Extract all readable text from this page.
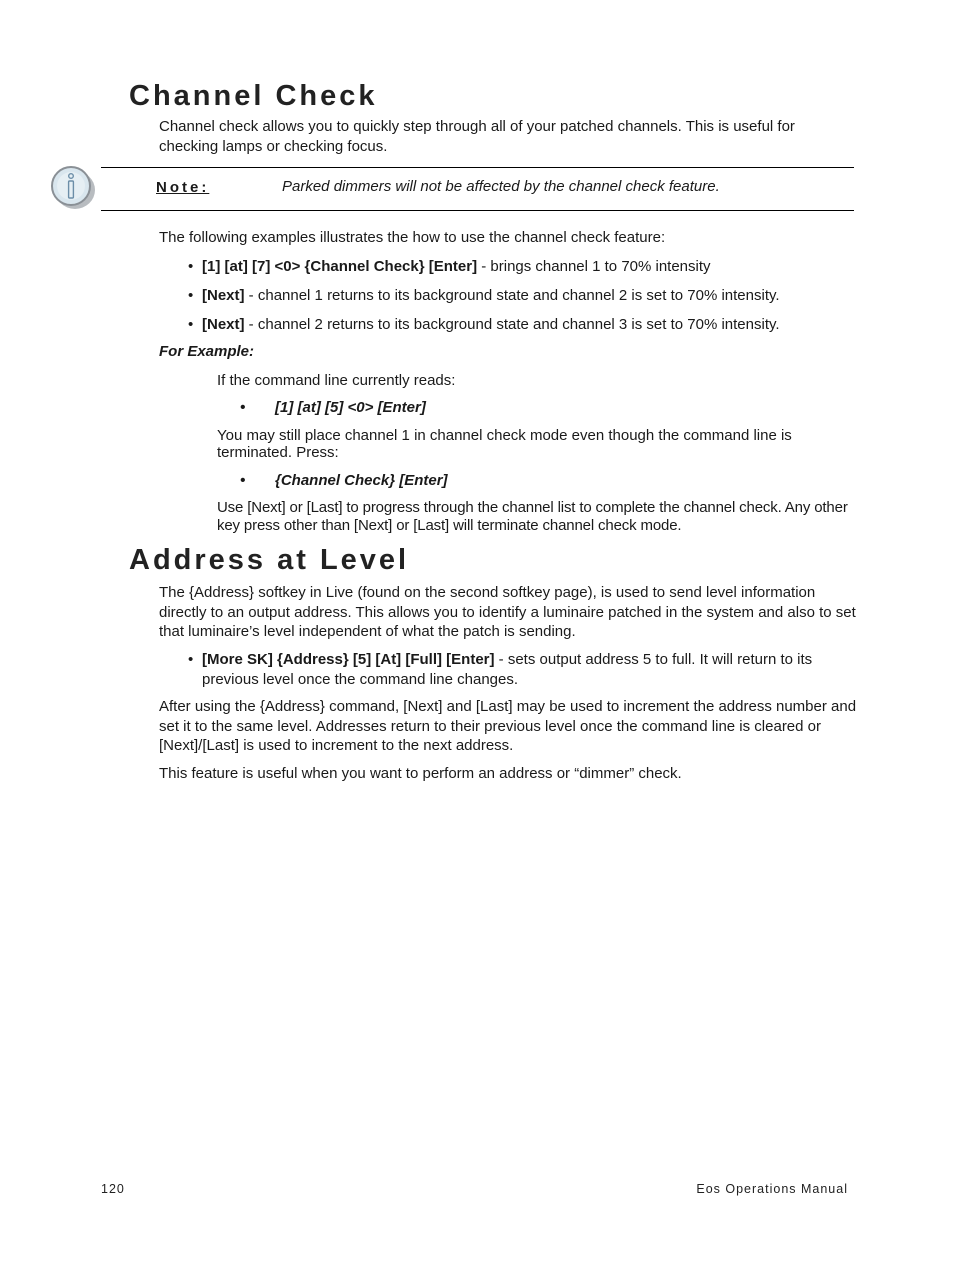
Channel Check

Channel check allows you to quickly step through all of your patched channels. This is useful for checking lamps or checking focus.

Note:	Parked dimmers will not be affected by the channel check feature.

The following examples illustrates the how to use the channel check feature:

• [1] [at] [7] <0> {Channel Check} [Enter] - brings channel 1 to 70% intensity
• [Next] - channel 1 returns to its background state and channel 2 is set to 70% intensity.
• [Next] - channel 2 returns to its background state and channel 3 is set to 70% intensity.
For Example:

If the command line currently reads:

• [1] [at] [5] <0> [Enter]

You may still place channel 1 in channel check mode even though the command line is terminated. Press:

• {Channel Check} [Enter]

Use [Next] or [Last] to progress through the channel list to complete the channel check. Any other key press other than [Next] or [Last] will terminate channel check mode.

Address at Level

The {Address} softkey in Live (found on the second softkey page), is used to send level information directly to an output address. This allows you to identify a luminaire patched in the system and also to set that luminaire’s level independent of what the patch is sending.

• [More SK] {Address} [5] [At] [Full] [Enter] - sets output address 5 to full. It will return to its previous level once the command line changes.

After using the {Address} command, [Next] and [Last] may be used to increment the address number and set it to the same level. Addresses return to their previous level once the command line is cleared or [Next]/[Last] is used to increment to the next address.

This feature is useful when you want to perform an address or “dimmer” check.

120	Eos Operations Manual
